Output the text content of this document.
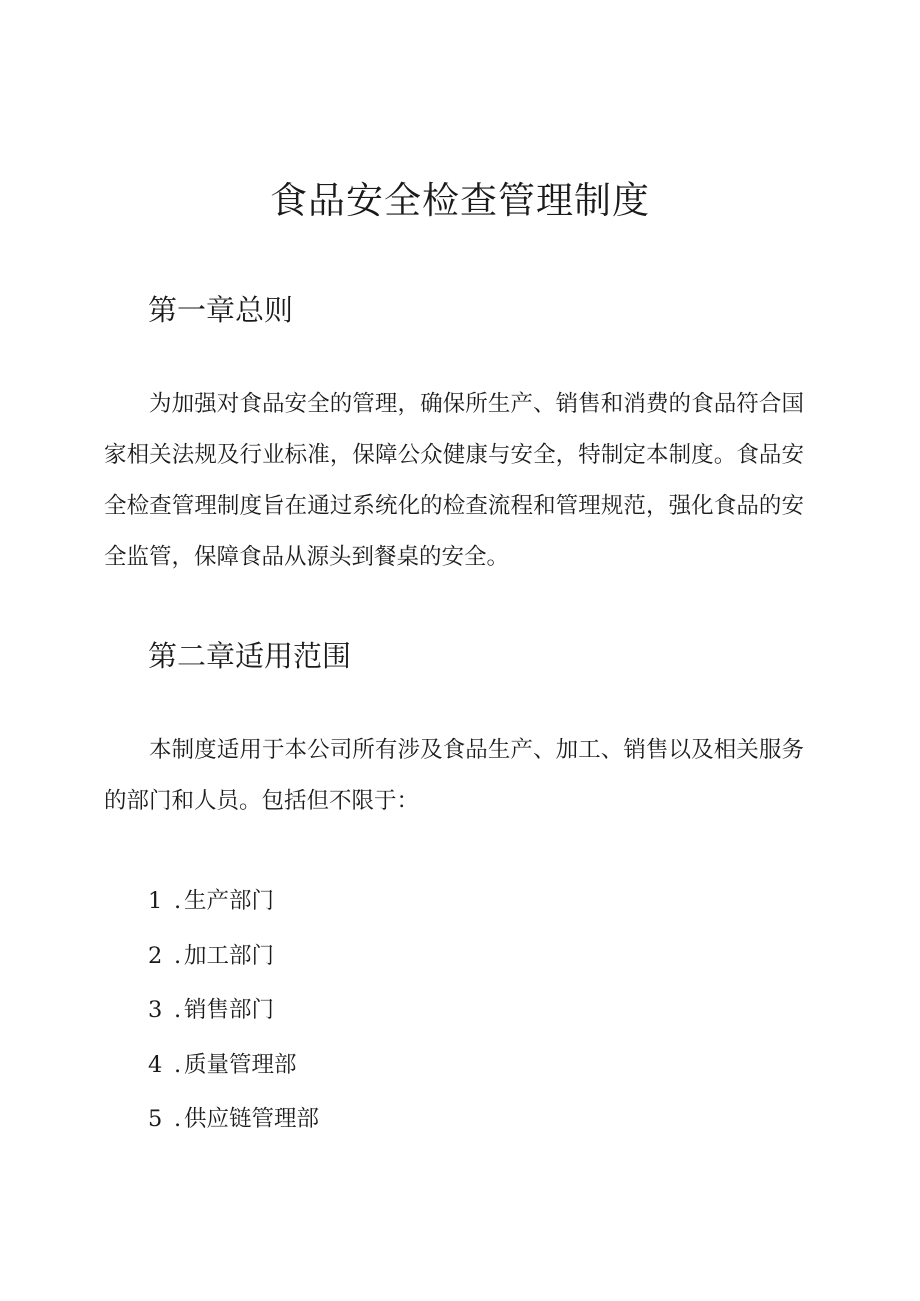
食品安全检查管理制度
第一章总则

为加强对食品安全的管理，确保所生产、销售和消费的食品符合国家相关法规及行业标准，保障公众健康与安全，特制定本制度。食品安全检查管理制度旨在通过系统化的检查流程和管理规范，强化食品的安全监管，保障食品从源头到餐桌的安全。

第二章适用范围

本制度适用于本公司所有涉及食品生产、加工、销售以及相关服务的部门和人员。包括但不限于：

1 . 生产部门
2 . 加工部门
3 . 销售部门
4 . 质量管理部
5 . 供应链管理部
